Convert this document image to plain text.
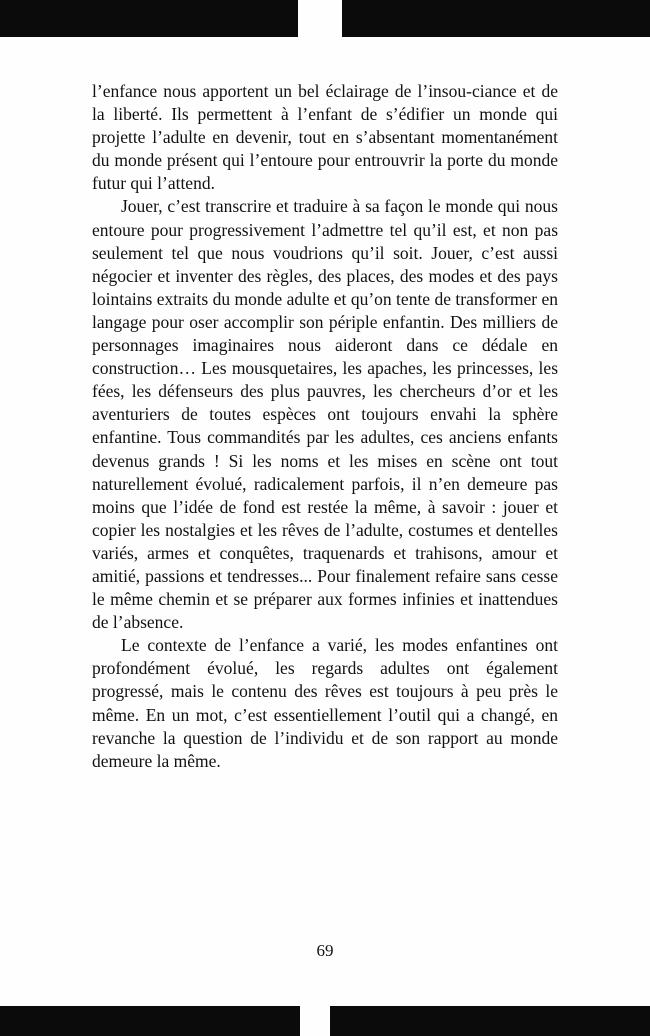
l’enfance nous apportent un bel éclairage de l’insou-ciance et de la liberté. Ils permettent à l’enfant de s’édifier un monde qui projette l’adulte en devenir, tout en s’absentant momentanément du monde présent qui l’entoure pour entrouvrir la porte du monde futur qui l’attend.

Jouer, c’est transcrire et traduire à sa façon le monde qui nous entoure pour progressivement l’admettre tel qu’il est, et non pas seulement tel que nous voudrions qu’il soit. Jouer, c’est aussi négocier et inventer des règles, des places, des modes et des pays lointains extraits du monde adulte et qu’on tente de transformer en langage pour oser accomplir son périple enfantin. Des milliers de personnages imaginaires nous aideront dans ce dédale en construction… Les mousquetaires, les apaches, les princesses, les fées, les défenseurs des plus pauvres, les chercheurs d’or et les aventuriers de toutes espèces ont toujours envahi la sphère enfantine. Tous commandités par les adultes, ces anciens enfants devenus grands ! Si les noms et les mises en scène ont tout naturellement évolué, radicalement parfois, il n’en demeure pas moins que l’idée de fond est restée la même, à savoir : jouer et copier les nostalgies et les rêves de l’adulte, costumes et dentelles variés, armes et conquêtes, traquenards et trahisons, amour et amitié, passions et tendresses... Pour finalement refaire sans cesse le même chemin et se préparer aux formes infinies et inattendues de l’absence.

Le contexte de l’enfance a varié, les modes enfantines ont profondément évolué, les regards adultes ont également progressé, mais le contenu des rêves est toujours à peu près le même. En un mot, c’est essentiellement l’outil qui a changé, en revanche la question de l’individu et de son rapport au monde demeure la même.

69
